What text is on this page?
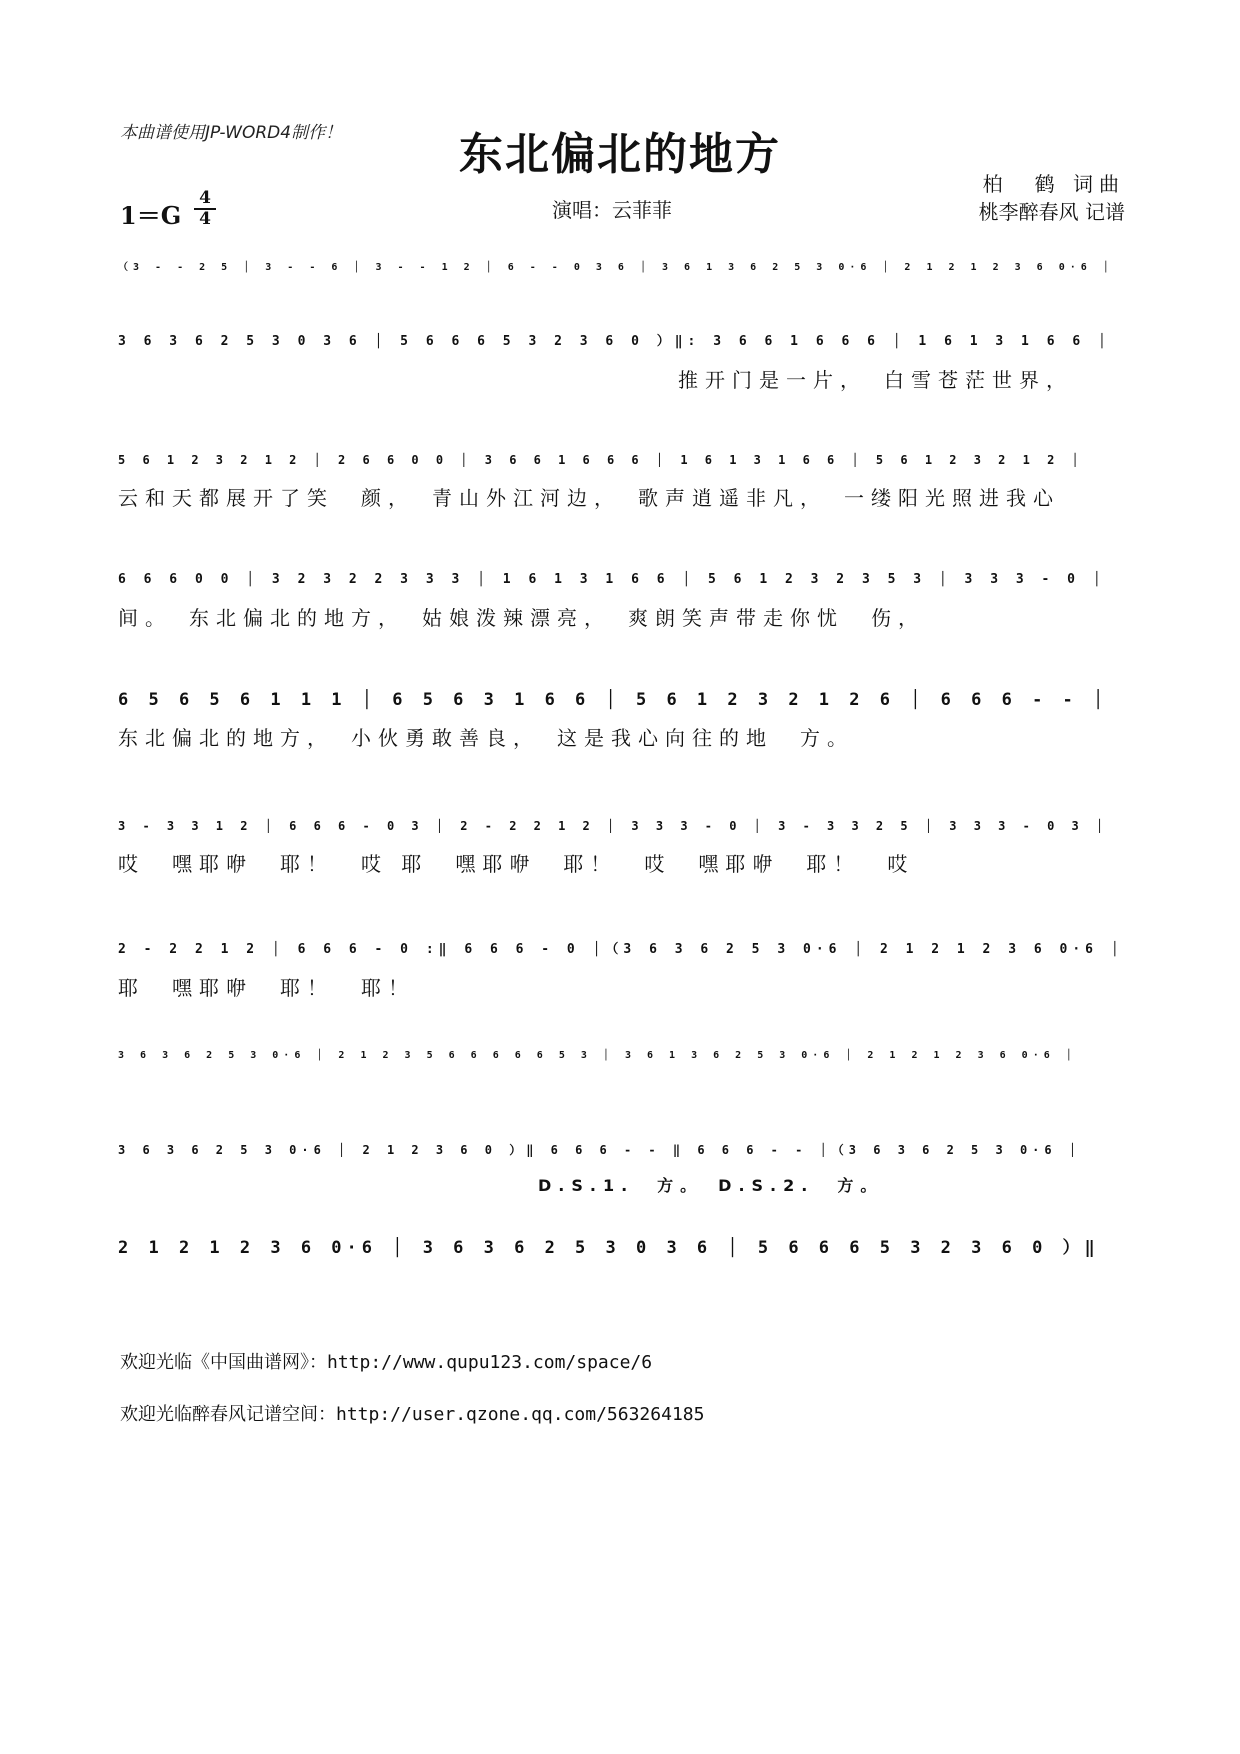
本曲谱使用JP-WORD4制作！	东北偏北的地方
1＝G
4
4	演唱：云菲菲
柏　鹤 词曲
桃李醉春风 记谱
（3 - - 2 5 │ 3 - - 6 │ 3 - - 1 2 │ 6 - - 0 3 6 │ 3 6 1 3 6 2 5 3 0·6 │ 2 1 2 1 2 3 6 0·6 │
3 6 3 6 2 5 3 0 3 6 │ 5 6 6 6 5 3 2 3 6 0 ）‖: 3 6 6 1 6 6 6 │ 1 6 1 3 1 6 6 │
推开门是一片，　白雪苍茫世界，
5 6 1 2 3 2 1 2 │ 2 6 6 0 0 │ 3 6 6 1 6 6 6 │ 1 6 1 3 1 6 6 │ 5 6 1 2 3 2 1 2 │
云和天都展开了笑　颜，　青山外江河边，　歌声逍遥非凡，　一缕阳光照进我心
6 6 6 0 0 │ 3 2 3 2 2 3 3 3 │ 1 6 1 3 1 6 6 │ 5 6 1 2 3 2 3 5 3 │ 3 3 3 - 0 │
间。　东北偏北的地方，　姑娘泼辣漂亮，　爽朗笑声带走你忧　伤，
6 5 6 5 6 1 1 1 │ 6 5 6 3 1 6 6 │ 5 6 1 2 3 2 1 2 6 │ 6 6 6 - - │
东北偏北的地方，　小伙勇敢善良，　这是我心向往的地　方。
3 - 3 3 1 2 │ 6 6 6 - 0 3 │ 2 - 2 2 1 2 │ 3 3 3 - 0 │ 3 - 3 3 2 5 │ 3 3 3 - 0 3 │
哎　嘿耶咿　耶！　哎 耶　嘿耶咿　耶！　哎　嘿耶咿　耶！　哎
2 - 2 2 1 2 │ 6 6 6 - 0 :‖ 6 6 6 - 0 │（3 6 3 6 2 5 3 0·6 │ 2 1 2 1 2 3 6 0·6 │
耶　嘿耶咿　耶！　耶！
3 6 3 6 2 5 3 0·6 │ 2 1 2 3 5 6 6 6 6 6 5 3 │ 3 6 1 3 6 2 5 3 0·6 │ 2 1 2 1 2 3 6 0·6 │
3 6 3 6 2 5 3 0·6 │ 2 1 2 3 6 0 ）‖ 6 6 6 - - ‖ 6 6 6 - - │（3 6 3 6 2 5 3 0·6 │
D.S.1.　方。　D.S.2.　方。
2 1 2 1 2 3 6 0·6 │ 3 6 3 6 2 5 3 0 3 6 │ 5 6 6 6 5 3 2 3 6 0 ）‖
欢迎光临《中国曲谱网》：http://www.qupu123.com/space/6
欢迎光临醉春风记谱空间：http://user.qzone.qq.com/563264185
